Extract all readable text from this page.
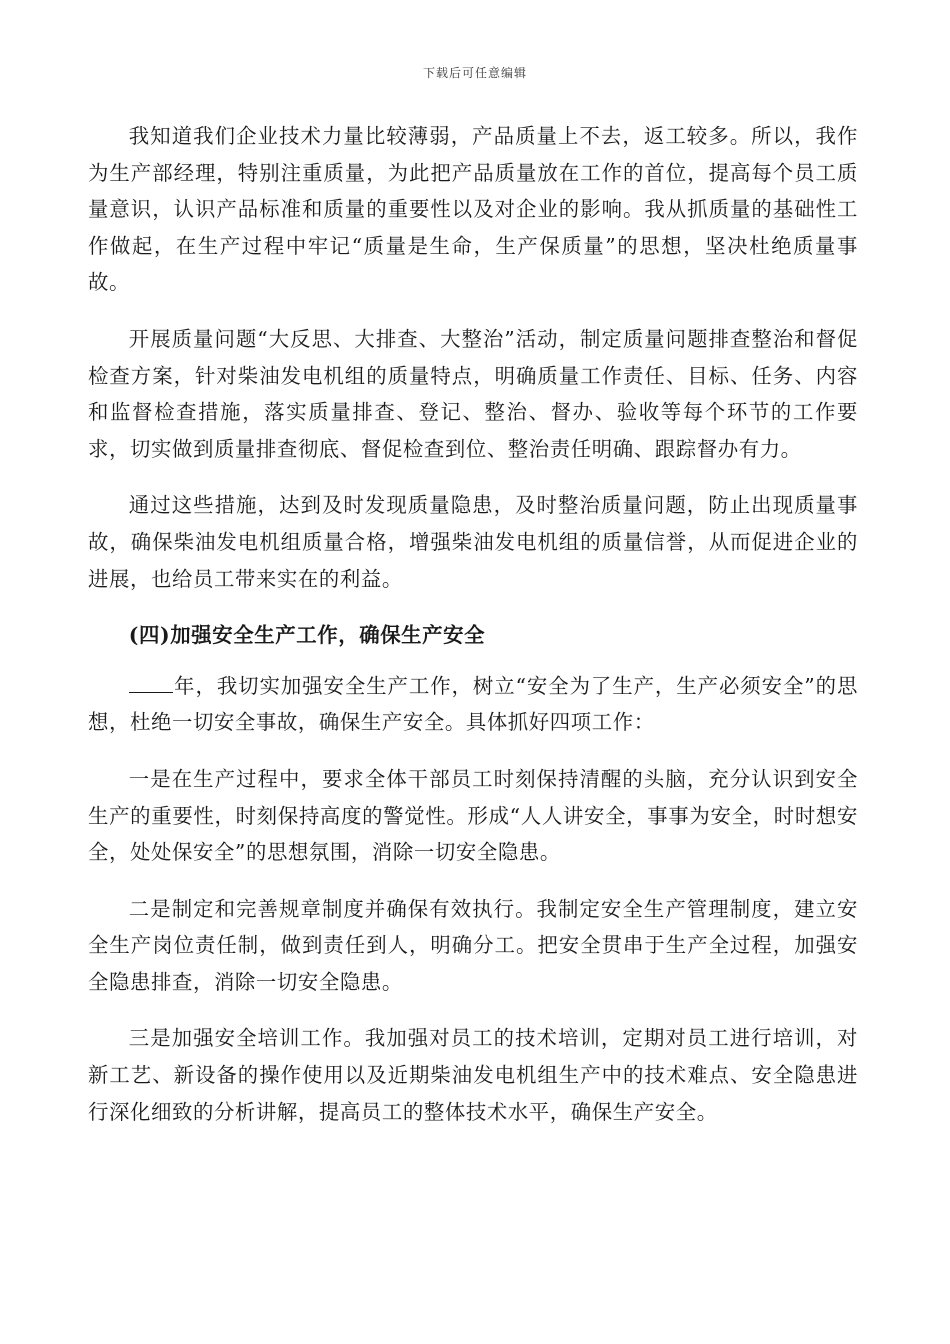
下载后可任意编辑

我知道我们企业技术力量比较薄弱，产品质量上不去，返工较多。所以，我作为生产部经理，特别注重质量，为此把产品质量放在工作的首位，提高每个员工质量意识，认识产品标准和质量的重要性以及对企业的影响。我从抓质量的基础性工作做起，在生产过程中牢记“质量是生命，生产保质量”的思想，坚决杜绝质量事故。

开展质量问题“大反思、大排查、大整治”活动，制定质量问题排查整治和督促检查方案，针对柴油发电机组的质量特点，明确质量工作责任、目标、任务、内容和监督检查措施，落实质量排查、登记、整治、督办、验收等每个环节的工作要求，切实做到质量排查彻底、督促检查到位、整治责任明确、跟踪督办有力。

通过这些措施，达到及时发现质量隐患，及时整治质量问题，防止出现质量事故，确保柴油发电机组质量合格，增强柴油发电机组的质量信誉，从而促进企业的进展，也给员工带来实在的利益。

(四)加强安全生产工作，确保生产安全

年，我切实加强安全生产工作，树立“安全为了生产，生产必须安全”的思想，杜绝一切安全事故，确保生产安全。具体抓好四项工作：

一是在生产过程中，要求全体干部员工时刻保持清醒的头脑，充分认识到安全生产的重要性，时刻保持高度的警觉性。形成“人人讲安全，事事为安全，时时想安全，处处保安全”的思想氛围，消除一切安全隐患。

二是制定和完善规章制度并确保有效执行。我制定安全生产管理制度，建立安全生产岗位责任制，做到责任到人，明确分工。把安全贯串于生产全过程，加强安全隐患排查，消除一切安全隐患。

三是加强安全培训工作。我加强对员工的技术培训，定期对员工进行培训，对新工艺、新设备的操作使用以及近期柴油发电机组生产中的技术难点、安全隐患进行深化细致的分析讲解，提高员工的整体技术水平，确保生产安全。
